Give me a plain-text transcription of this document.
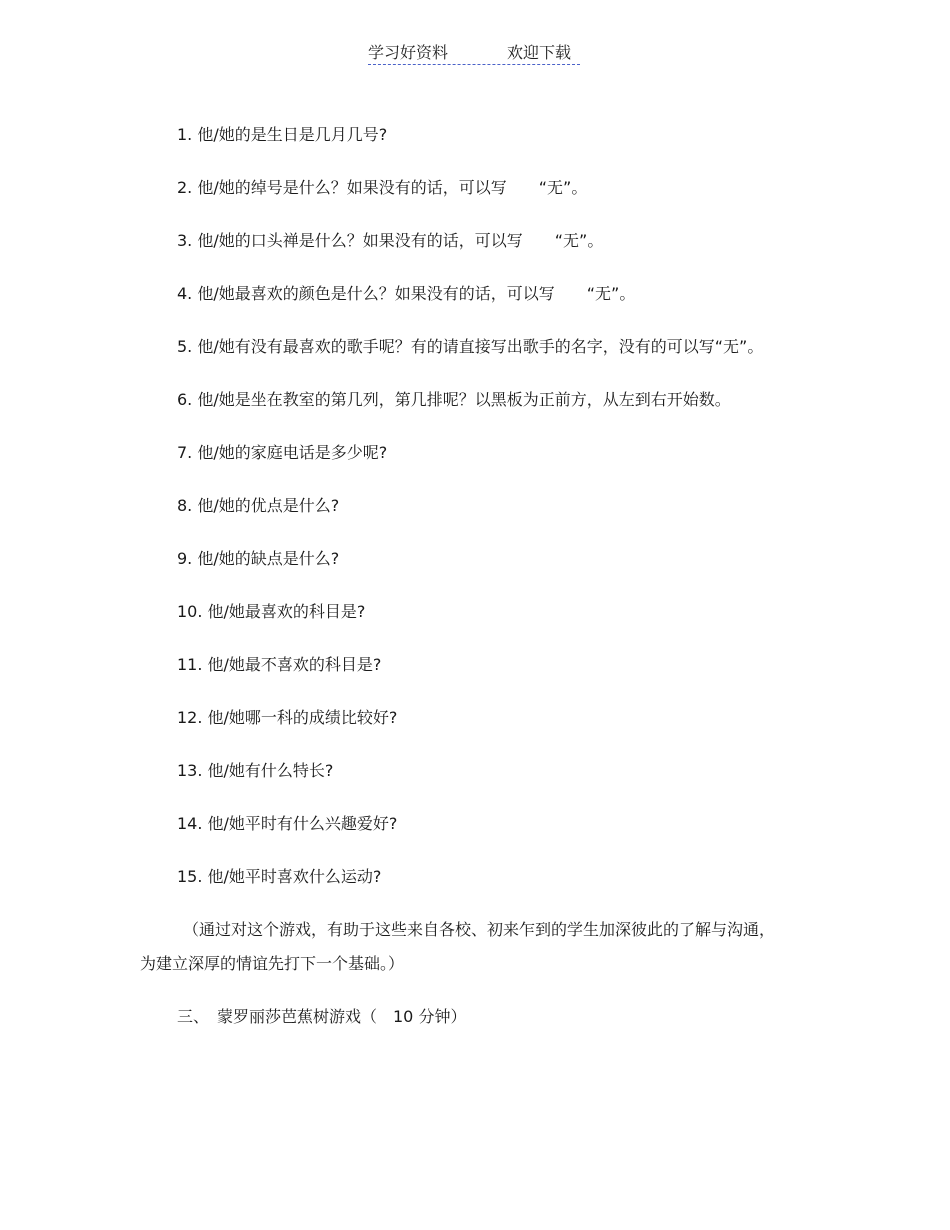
学习好资料	欢迎下载

1. 他/她的是生日是几月几号?

2. 他/她的绰号是什么？如果没有的话，可以写　　“无”。

3. 他/她的口头禅是什么？如果没有的话，可以写　　“无”。

4. 他/她最喜欢的颜色是什么？如果没有的话，可以写　　“无”。

5. 他/她有没有最喜欢的歌手呢？有的请直接写出歌手的名字，没有的可以写“无”。

6. 他/她是坐在教室的第几列，第几排呢？以黑板为正前方，从左到右开始数。

7. 他/她的家庭电话是多少呢?

8. 他/她的优点是什么?

9. 他/她的缺点是什么?

10. 他/她最喜欢的科目是?

11. 他/她最不喜欢的科目是?

12. 他/她哪一科的成绩比较好?

13. 他/她有什么特长?

14. 他/她平时有什么兴趣爱好?

15. 他/她平时喜欢什么运动?

（通过对这个游戏，有助于这些来自各校、初来乍到的学生加深彼此的了解与沟通，为建立深厚的情谊先打下一个基础。）

三、　蒙罗丽莎芭蕉树游戏（　10 分钟）
